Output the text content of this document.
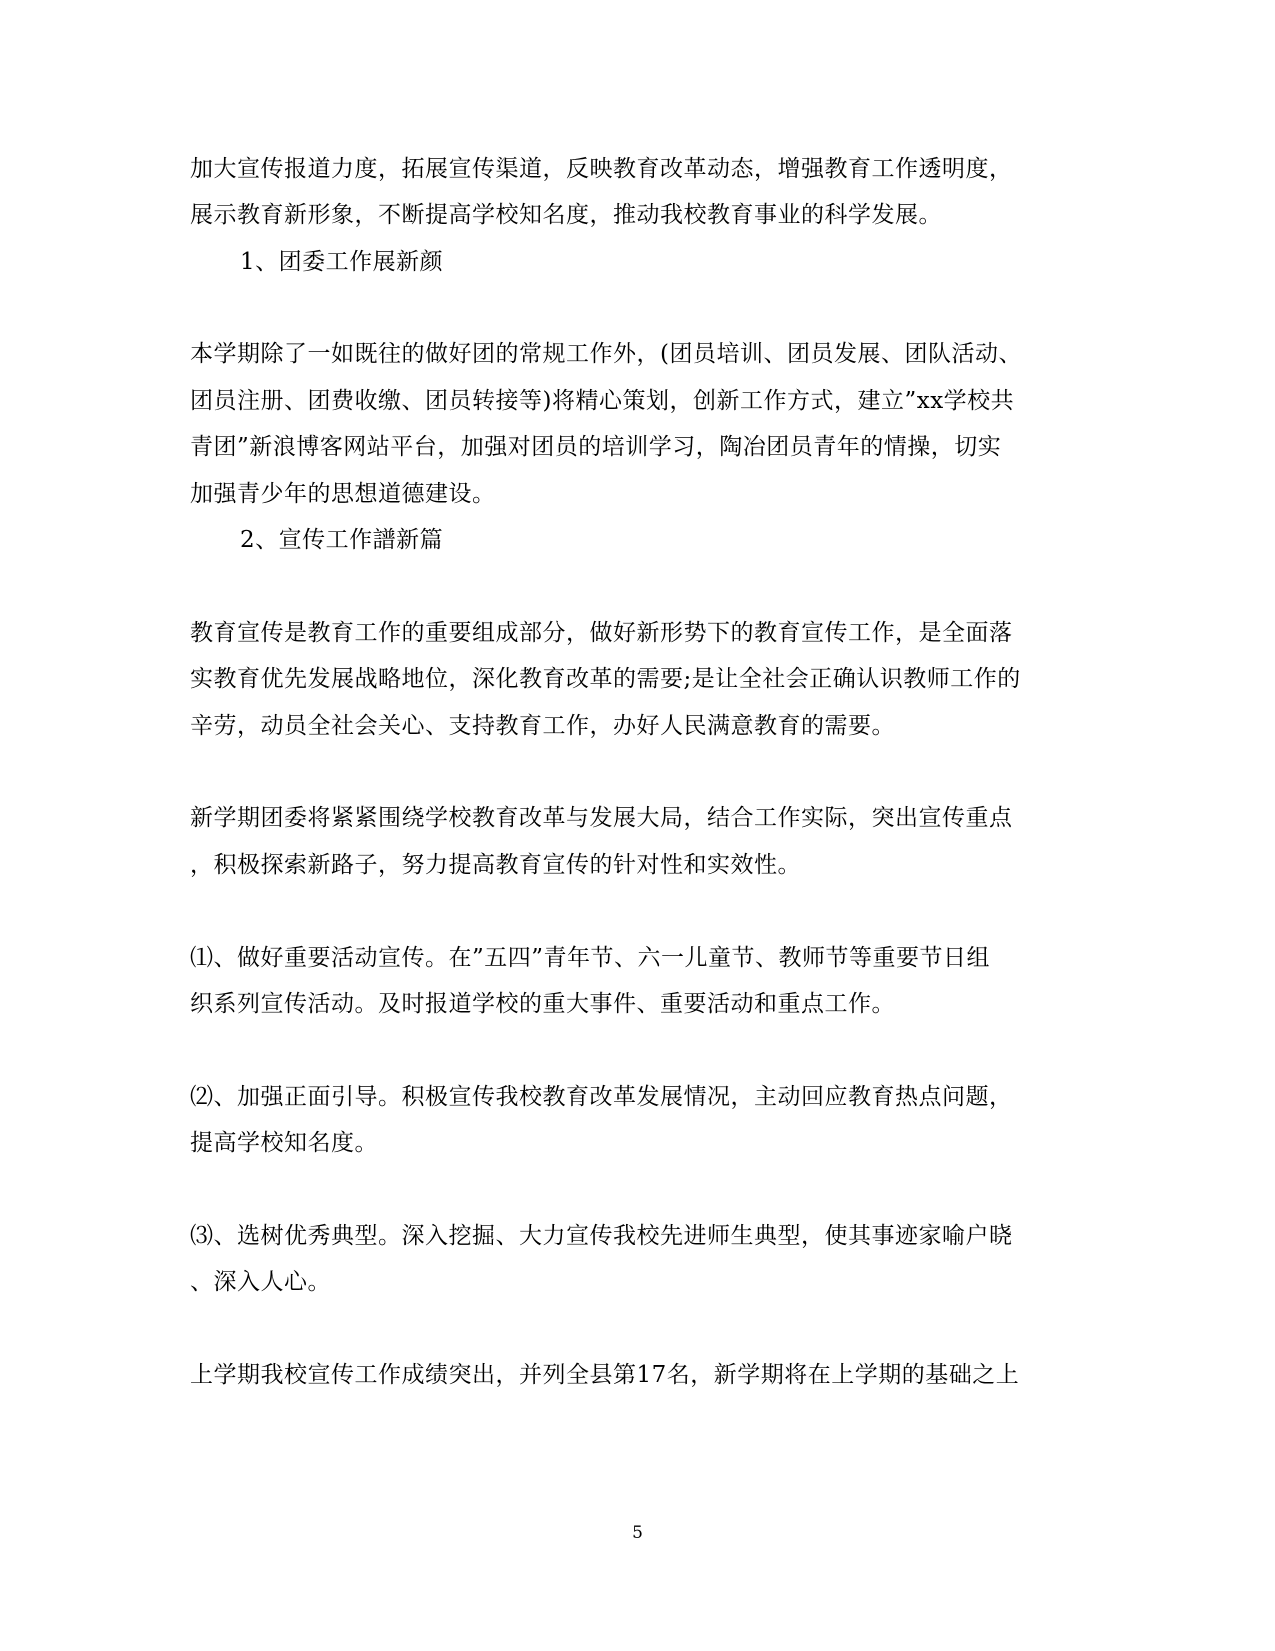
加大宣传报道力度，拓展宣传渠道，反映教育改革动态，增强教育工作透明度，
展示教育新形象，不断提高学校知名度，推动我校教育事业的科学发展。
1、团委工作展新颜
本学期除了一如既往的做好团的常规工作外，(团员培训、团员发展、团队活动、
团员注册、团费收缴、团员转接等)将精心策划，创新工作方式，建立”xx学校共
青团”新浪博客网站平台，加强对团员的培训学习，陶冶团员青年的情操，切实
加强青少年的思想道德建设。
2、宣传工作譜新篇
教育宣传是教育工作的重要组成部分，做好新形势下的教育宣传工作，是全面落
实教育优先发展战略地位，深化教育改革的需要;是让全社会正确认识教师工作的
辛劳，动员全社会关心、支持教育工作，办好人民满意教育的需要。
新学期团委将紧紧围绕学校教育改革与发展大局，结合工作实际，突出宣传重点
，积极探索新路子，努力提高教育宣传的针对性和实效性。
⑴、做好重要活动宣传。在”五四”青年节、六一儿童节、教师节等重要节日组
织系列宣传活动。及时报道学校的重大事件、重要活动和重点工作。
⑵、加强正面引导。积极宣传我校教育改革发展情况，主动回应教育热点问题，
提高学校知名度。
⑶、选树优秀典型。深入挖掘、大力宣传我校先进师生典型，使其事迹家喻户晓
、深入人心。
上学期我校宣传工作成绩突出，并列全县第17名，新学期将在上学期的基础之上
5
